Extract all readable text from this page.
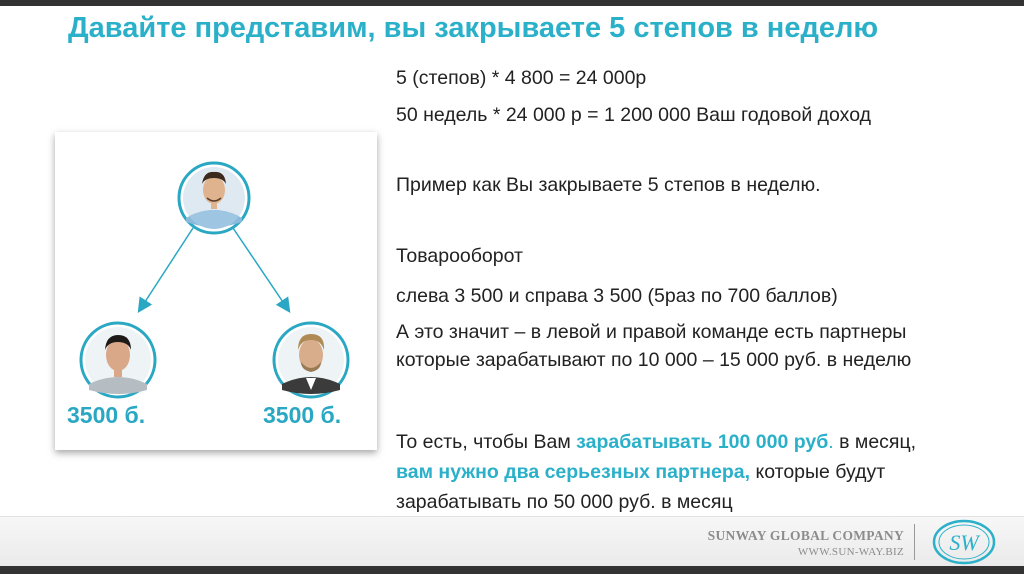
Давайте представим, вы закрываете 5 степов в неделю
3500 б.	3500 б.
5 (степов) * 4 800 = 24 000р
50 недель * 24 000 р = 1 200 000 Ваш годовой доход
Пример как Вы закрываете 5 степов в неделю.
Товарооборот
слева 3 500 и справа 3 500 (5раз по 700 баллов)
А это значит – в левой и правой команде есть партнеры
которые зарабатывают по 10 000 – 15 000 руб. в неделю
То есть, чтобы Вам зарабатывать 100 000 руб. в месяц,
вам нужно два серьезных партнера, которые будут
зарабатывать по 50 000 руб. в месяц
SUNWAY GLOBAL COMPANY
WWW.SUN-WAY.BIZ SW
